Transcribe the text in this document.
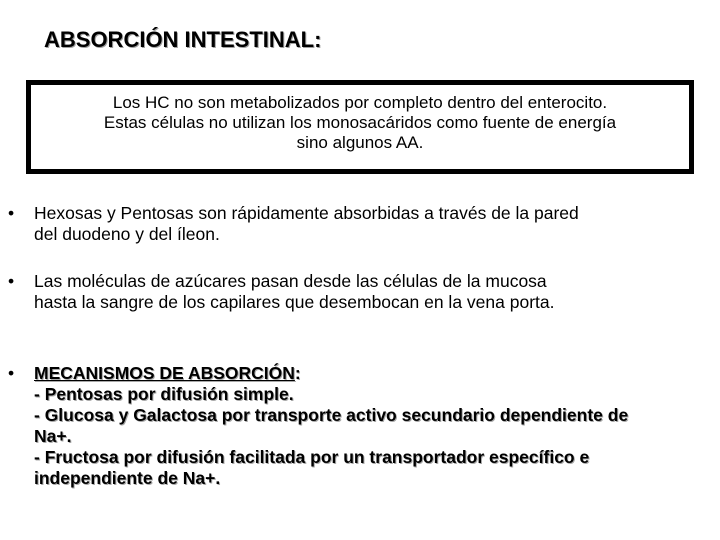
ABSORCIÓN INTESTINAL:
Los HC no son metabolizados por completo dentro del enterocito.
Estas células no utilizan los monosacáridos como fuente de energía
sino algunos AA.
•	Hexosas y Pentosas son rápidamente absorbidas a través de la pared
del duodeno y del íleon.
•	Las moléculas de azúcares pasan desde las células de la mucosa
hasta la sangre de los capilares que desembocan en la vena porta.
•	MECANISMOS DE ABSORCIÓN:
- Pentosas por difusión simple.
- Glucosa y Galactosa por transporte activo secundario dependiente de
Na+.
- Fructosa por difusión facilitada por un transportador específico e
independiente de Na+.
